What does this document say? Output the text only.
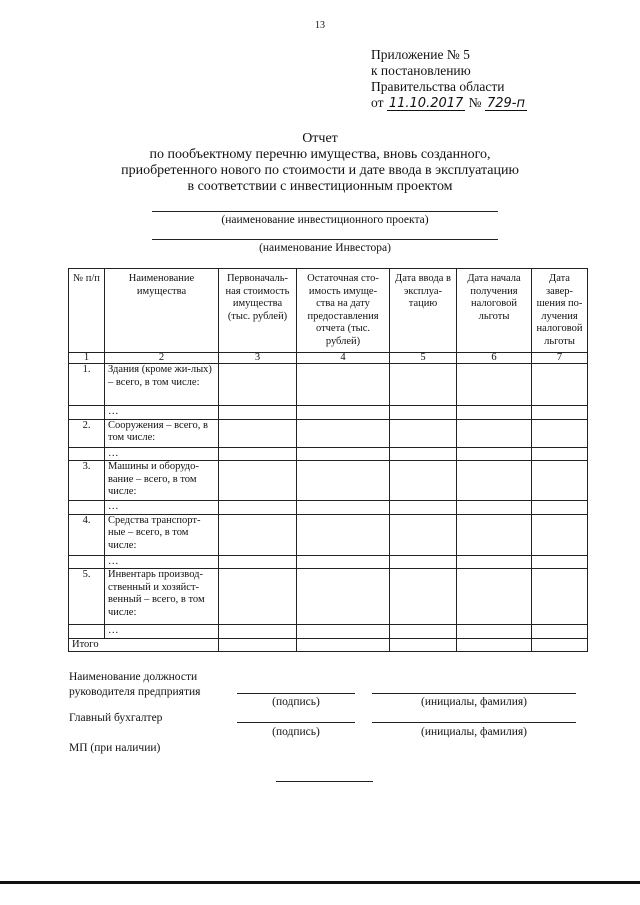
13
Приложение № 5
к постановлению
Правительства области
от 11.10.2017 № 729-п
Отчет
по пообъектному перечню имущества, вновь созданного,
приобретенного нового по стоимости и дате ввода в эксплуатацию
в соответствии с инвестиционным проектом
(наименование инвестиционного проекта)
(наименование Инвестора)
№ п/п	Наименование имущества	Первоначаль-ная стоимость имущества (тыс. рублей)	Остаточная сто-имость имуще-ства на дату предоставления отчета (тыс. рублей)	Дата ввода в эксплуа-тацию	Дата начала получения налоговой льготы	Дата завер-шения по-лучения налоговой льготы
1	2	3	4	5	6	7
1.	Здания (кроме жи-лых) – всего, в том числе:					
	…					
2.	Сооружения – всего, в том числе:					
	…					
3.	Машины и оборудо-вание – всего, в том числе:					
	…					
4.	Средства транспорт-ные – всего, в том числе:					
	…					
5.	Инвентарь производ-ственный и хозяйст-венный – всего, в том числе:					
	…					
Итого						
Наименование должности
руководителя предприятия
(подпись)	(инициалы, фамилия)
Главный бухгалтер
(подпись)	(инициалы, фамилия)
МП (при наличии)
